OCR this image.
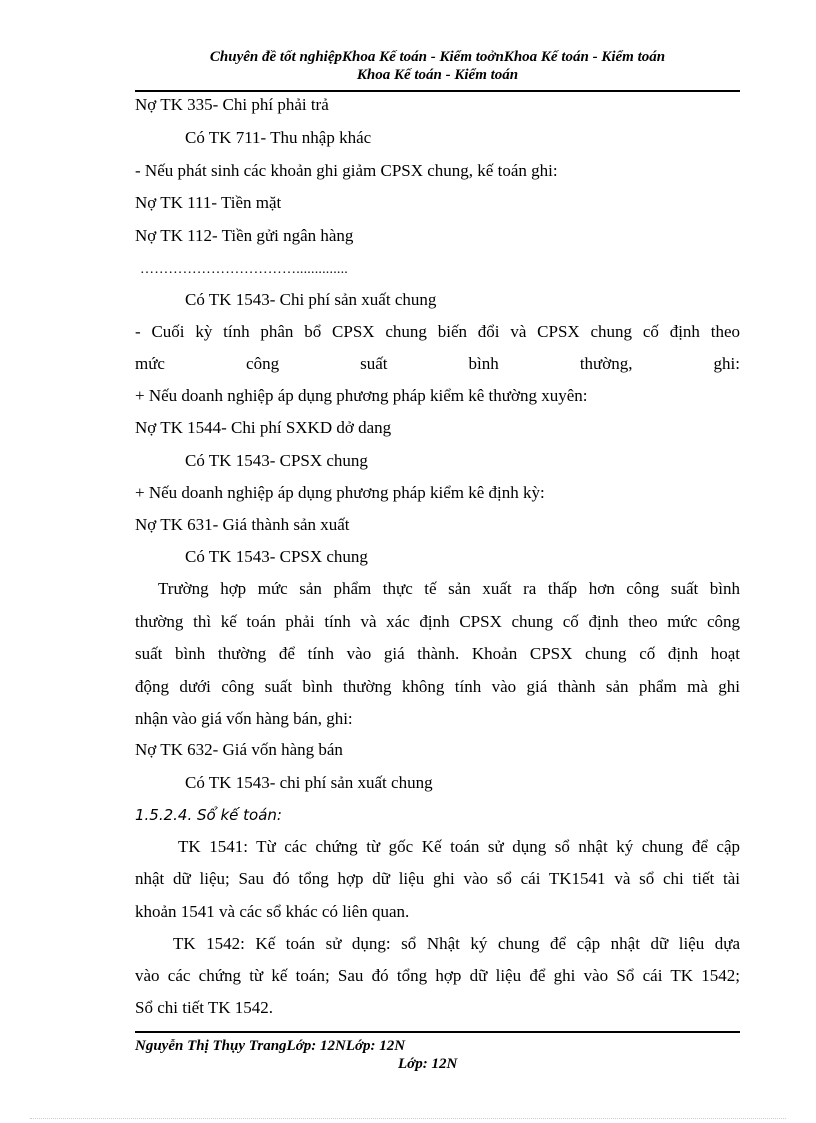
Chuyên đề tốt nghiệpKhoa Kế toán - Kiểm toởnKhoa Kế toán - Kiểm toán
Khoa Kế toán - Kiểm toán
Nợ TK 335- Chi phí phải trả
Có TK 711- Thu nhập khác
- Nếu phát sinh các khoản ghi giảm CPSX chung, kế toán ghi:
Nợ TK 111- Tiền mặt
Nợ TK 112- Tiền gửi ngân hàng
……………………………..............
Có TK 1543- Chi phí sản xuất chung
- Cuối kỳ tính phân bổ CPSX chung biến đổi và CPSX chung cố định theo
mức công suất bình thường, ghi:
+ Nếu doanh nghiệp áp dụng phương pháp kiểm kê thường xuyên:
Nợ TK 1544- Chi phí SXKD dở dang
Có TK 1543- CPSX chung
+ Nếu doanh nghiệp áp dụng phương pháp kiểm kê định kỳ:
Nợ TK 631- Giá thành sản xuất
Có TK 1543- CPSX chung
Trường hợp mức sản phẩm thực tế sản xuất ra thấp hơn công suất bình
thường thì kế toán phải tính và xác định CPSX chung cố định theo mức công
suất bình thường để tính vào giá thành. Khoản CPSX chung cố định hoạt
động dưới công suất bình thường không tính vào giá thành sản phẩm mà ghi
nhận vào giá vốn hàng bán, ghi:
Nợ TK 632- Giá vốn hàng bán
Có TK 1543- chi phí sản xuất chung
1.5.2.4. Sổ kế toán:
TK 1541: Từ các chứng từ gốc Kế toán sử dụng sổ nhật ký chung để cập
nhật dữ liệu; Sau đó tổng hợp dữ liệu ghi vào sổ cái TK1541 và sổ chi tiết tài
khoản 1541 và các sổ khác có liên quan.
TK 1542: Kế toán sử dụng: sổ Nhật ký chung để cập nhật dữ liệu dựa
vào các chứng từ kế toán; Sau đó tổng hợp dữ liệu để ghi vào Sổ cái TK 1542;
Sổ chi tiết TK 1542.
Nguyễn Thị Thụy TrangLớp: 12NLớp: 12N
Lớp: 12N
